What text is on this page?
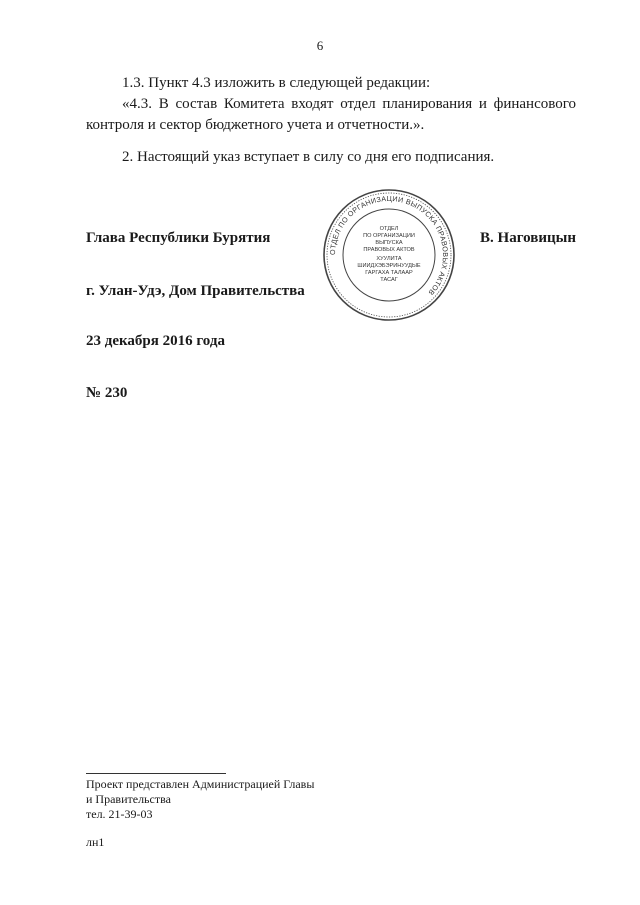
6
1.3. Пункт 4.3 изложить в следующей редакции:
«4.3. В состав Комитета входят отдел планирования и финансового контроля и сектор бюджетного учета и отчетности.».
2. Настоящий указ вступает в силу со дня его подписания.
Глава Республики Бурятия	В. Наговицын
ОТДЕЛ ПО ОРГАНИЗАЦИИ ВЫПУСКА ПРАВОВЫХ АКТОВ
ОТДЕЛ
ПО ОРГАНИЗАЦИИ
ВЫПУСКА
ПРАВОВЫХ АКТОВ
ХУУЛИТА
ШИИДХЭБЭРИНУУДЫЕ
ГАРГАХА ТАЛААР
ТАСАГ
г. Улан-Удэ, Дом Правительства
23 декабря 2016 года
№ 230
Проект представлен Администрацией Главы
и Правительства
тел. 21-39-03
лн1
